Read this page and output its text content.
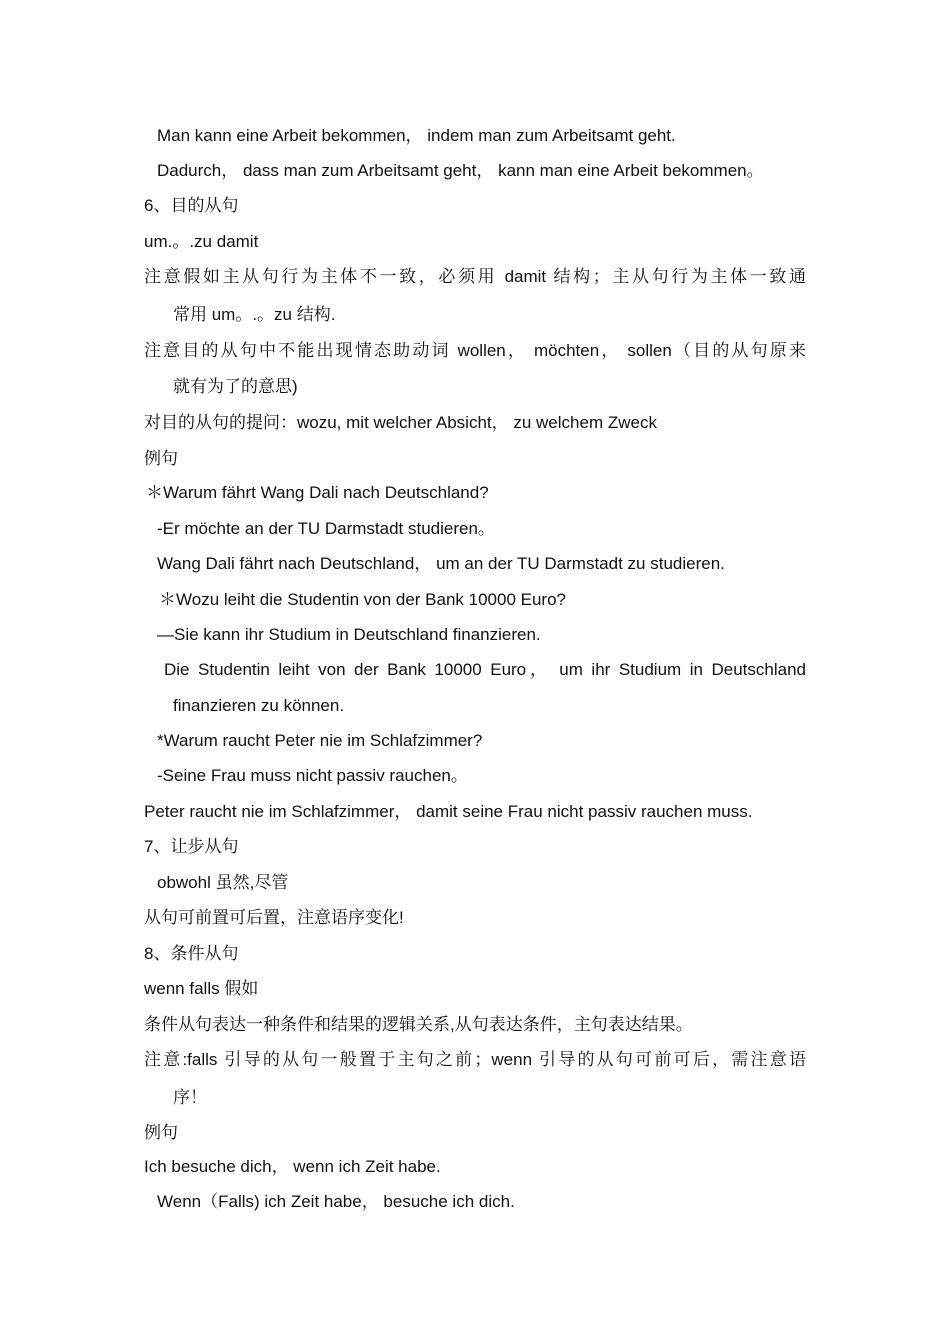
Man kann eine Arbeit bekommen， indem man zum Arbeitsamt geht.
Dadurch， dass man zum Arbeitsamt geht， kann man eine Arbeit bekommen。
6、目的从句
um.。.zu damit
注意假如主从句行为主体不一致，必须用 damit 结构；主从句行为主体一致通
常用 um。.。zu 结构.
注意目的从句中不能出现情态助动词 wollen， möchten， sollen（目的从句原来
就有为了的意思)
对目的从句的提问：wozu, mit welcher Absicht， zu welchem Zweck
例句
＊Warum fährt Wang Dali nach Deutschland?
-Er möchte an der TU Darmstadt studieren。
Wang Dali fährt nach Deutschland， um an der TU Darmstadt zu studieren.
＊Wozu leiht die Studentin von der Bank 10000 Euro?
—Sie kann ihr Studium in Deutschland finanzieren.
Die Studentin leiht von der Bank 10000 Euro， um ihr Studium in Deutschland
finanzieren zu können.
*Warum raucht Peter nie im Schlafzimmer?
-Seine Frau muss nicht passiv rauchen。
Peter raucht nie im Schlafzimmer， damit seine Frau nicht passiv rauchen muss.
7、让步从句
obwohl 虽然,尽管
从句可前置可后置，注意语序变化!
8、条件从句
wenn falls 假如
条件从句表达一种条件和结果的逻辑关系,从句表达条件，主句表达结果。
注意:falls 引导的从句一般置于主句之前；wenn 引导的从句可前可后，需注意语
序！
例句
Ich besuche dich， wenn ich Zeit habe.
Wenn（Falls) ich Zeit habe， besuche ich dich.
